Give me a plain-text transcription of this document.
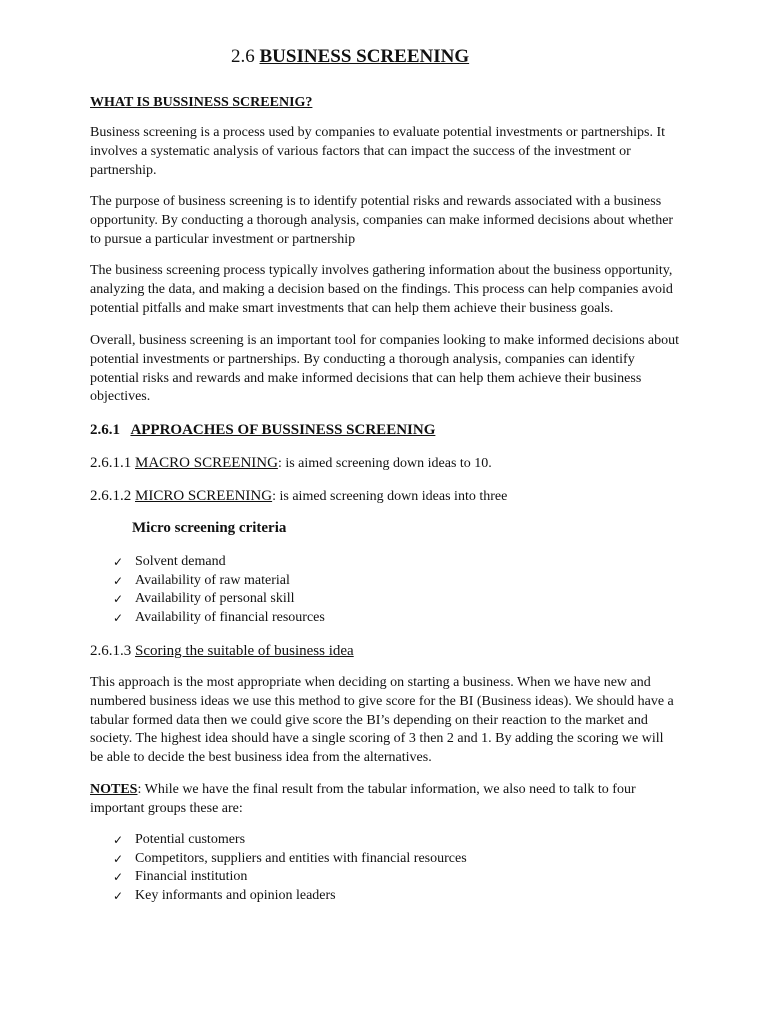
2.6 BUSINESS SCREENING
WHAT IS BUSSINESS SCREENIG?
Business screening is a process used by companies to evaluate potential investments or partnerships. It involves a systematic analysis of various factors that can impact the success of the investment or partnership.
The purpose of business screening is to identify potential risks and rewards associated with a business opportunity. By conducting a thorough analysis, companies can make informed decisions about whether to pursue a particular investment or partnership
The business screening process typically involves gathering information about the business opportunity, analyzing the data, and making a decision based on the findings. This process can help companies avoid potential pitfalls and make smart investments that can help them achieve their business goals.
Overall, business screening is an important tool for companies looking to make informed decisions about potential investments or partnerships. By conducting a thorough analysis, companies can identify potential risks and rewards and make informed decisions that can help them achieve their business objectives.
2.6.1 APPROACHES OF BUSSINESS SCREENING
2.6.1.1 MACRO SCREENING: is aimed screening down ideas to 10.
2.6.1.2 MICRO SCREENING: is aimed screening down ideas into three
Micro screening criteria
✓ Solvent demand
✓ Availability of raw material
✓ Availability of personal skill
✓ Availability of financial resources
2.6.1.3 Scoring the suitable of business idea
This approach is the most appropriate when deciding on starting a business. When we have new and numbered business ideas we use this method to give score for the BI (Business ideas). We should have a tabular formed data then we could give score the BI’s depending on their reaction to the market and society. The highest idea should have a single scoring of 3 then 2 and 1. By adding the scoring we will be able to decide the best business idea from the alternatives.
NOTES: While we have the final result from the tabular information, we also need to talk to four important groups these are:
✓ Potential customers
✓ Competitors, suppliers and entities with financial resources
✓ Financial institution
✓ Key informants and opinion leaders
